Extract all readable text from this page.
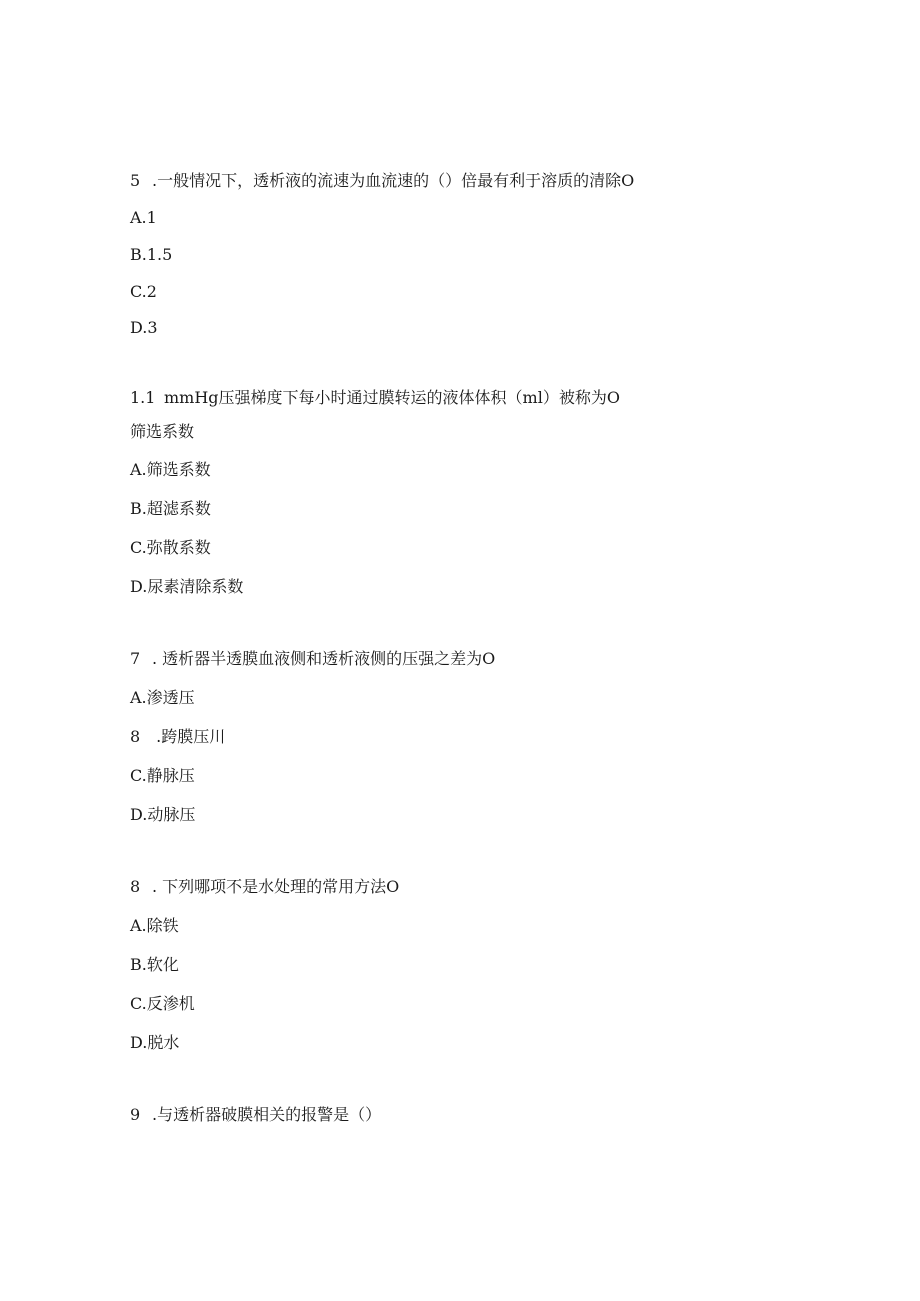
5 .一般情况下，透析液的流速为血流速的（）倍最有利于溶质的清除O
A.1
B.1.5
C.2
D.3
1.1 mmHg压强梯度下每小时通过膜转运的液体体积（ml）被称为O
筛选系数
A.筛选系数
B.超滤系数
C.弥散系数
D.尿素清除系数
7 . 透析器半透膜血液侧和透析液侧的压强之差为O
A.渗透压
8　.跨膜压川
C.静脉压
D.动脉压
8 . 下列哪项不是水处理的常用方法O
A.除铁
B.软化
C.反渗机
D.脱水
9 .与透析器破膜相关的报警是（）
